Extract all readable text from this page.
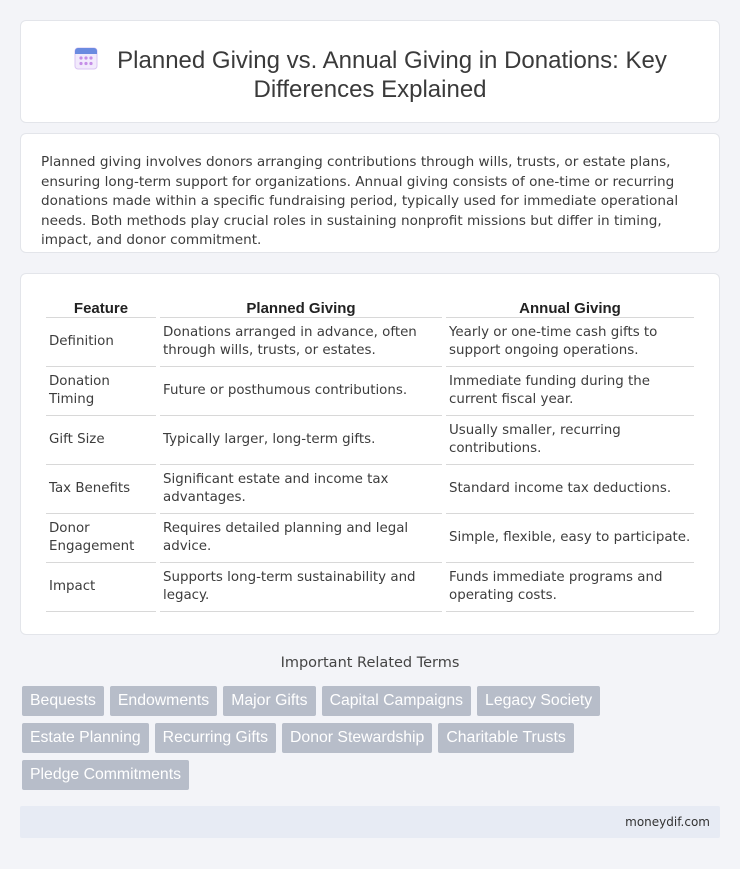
Planned Giving vs. Annual Giving in Donations: Key Differences Explained

Planned giving involves donors arranging contributions through wills, trusts, or estate plans, ensuring long-term support for organizations. Annual giving consists of one-time or recurring donations made within a specific fundraising period, typically used for immediate operational needs. Both methods play crucial roles in sustaining nonprofit missions but differ in timing, impact, and donor commitment.

Feature	Planned Giving	Annual Giving
Definition	Donations arranged in advance, often through wills, trusts, or estates.	Yearly or one-time cash gifts to support ongoing operations.
Donation Timing	Future or posthumous contributions.	Immediate funding during the current fiscal year.
Gift Size	Typically larger, long-term gifts.	Usually smaller, recurring contributions.
Tax Benefits	Significant estate and income tax advantages.	Standard income tax deductions.
Donor Engagement	Requires detailed planning and legal advice.	Simple, flexible, easy to participate.
Impact	Supports long-term sustainability and legacy.	Funds immediate programs and operating costs.
Important Related Terms
Bequests	Endowments	Major Gifts	Capital Campaigns	Legacy Society
Estate Planning	Recurring Gifts	Donor Stewardship	Charitable Trusts
Pledge Commitments
moneydif.com
